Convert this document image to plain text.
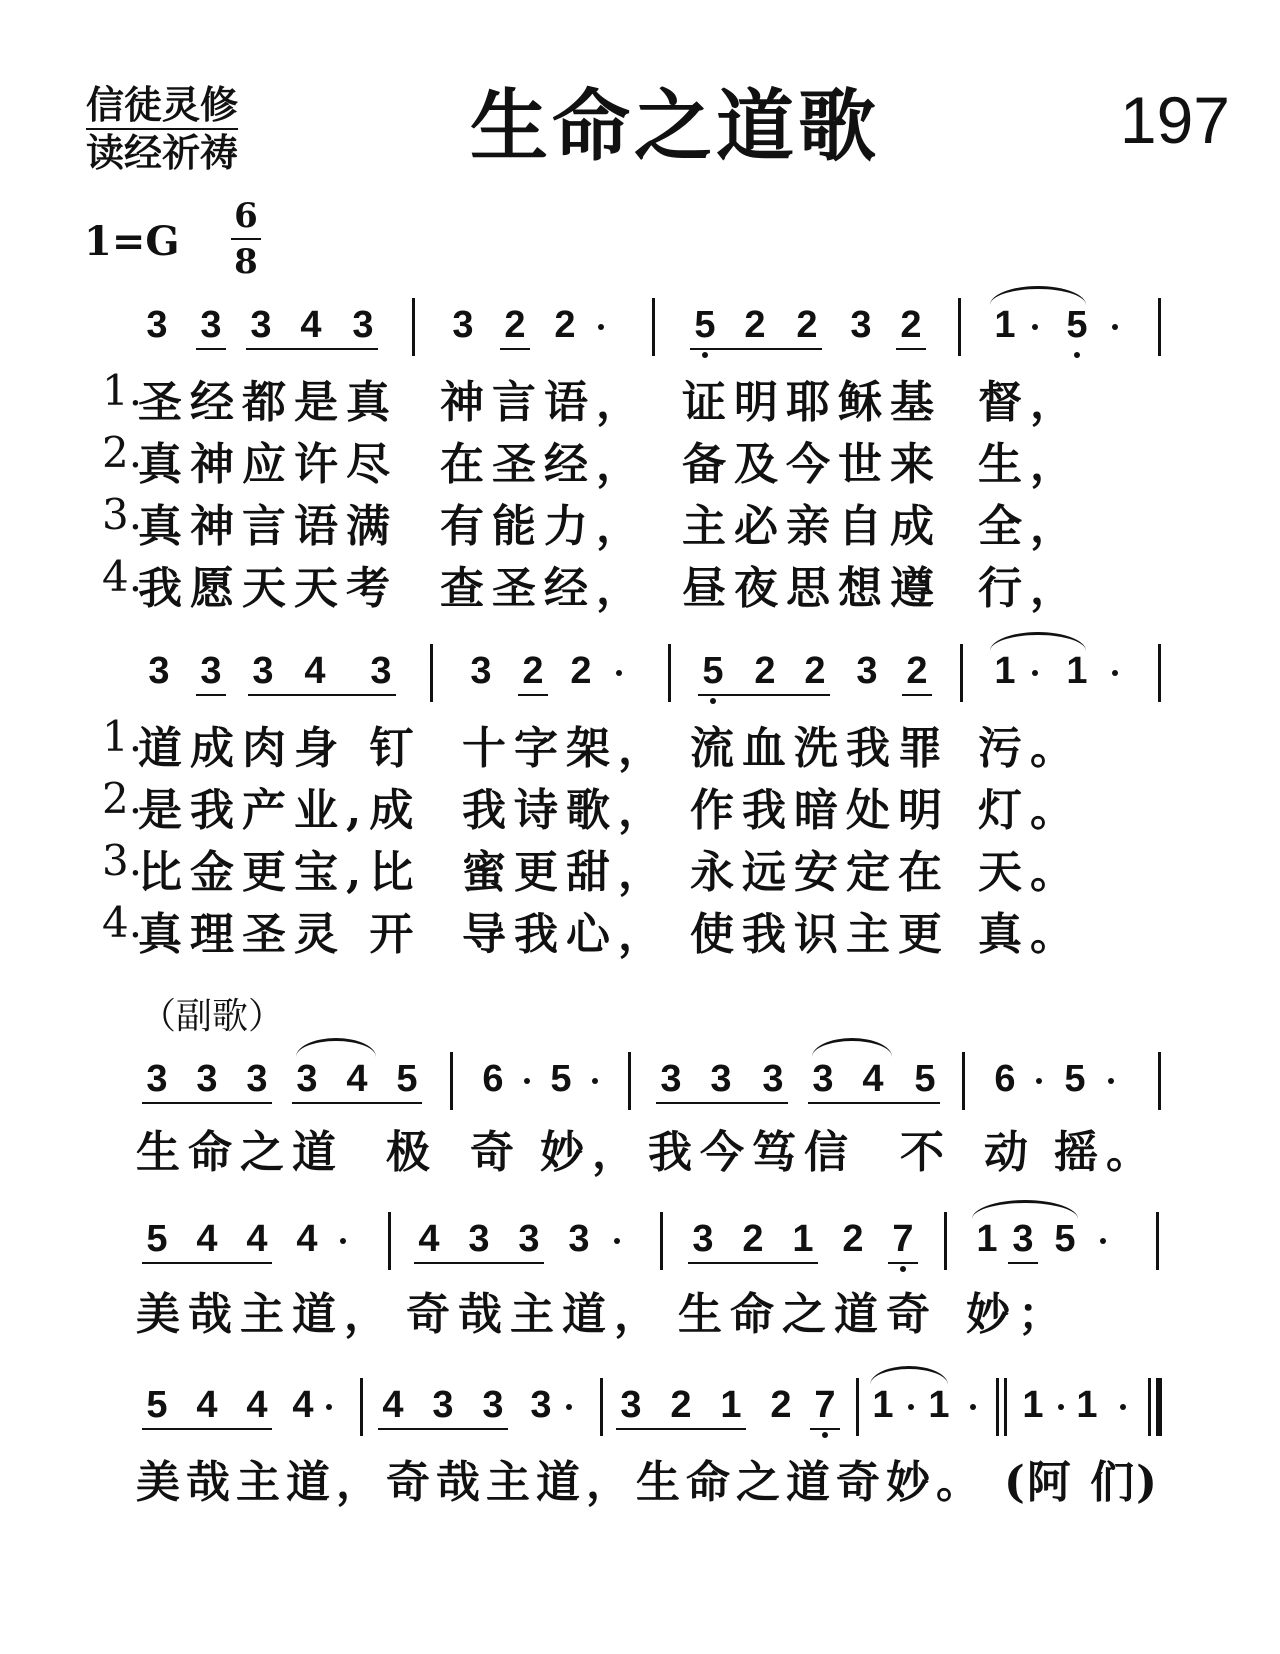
信徒灵修
读经祈祷	生命之道歌	197
1=G
6
8
3 3 3 4 3 3 2 2	5 2 2 3 2 1 5
1.
圣经都是真 神言语， 证明耶稣基 督，
2.
真神应许尽 在圣经， 备及今世来 生，
3.
真神言语满 有能力， 主必亲自成 全，
4.
我愿天天考 查圣经， 昼夜思想遵 行，
3 3 3 4 3 3 2 2	5 2 2 3 2 1 1
1.
道成肉身 钉 十字架， 流血洗我罪 污。
2.
是我产业,成 我诗歌， 作我暗处明 灯。
3.
比金更宝,比 蜜更甜， 永远安定在 天。
4.
真理圣灵 开 导我心， 使我识主更 真。
（副歌）
3 3 3 3 4 5 6 5 3 3 3 3 4 5 6 5
生命之道 极 奇 妙， 我今笃信 不 动 摇。
5 4 4 4	4 3 3 3	3 2 1 2 7 1 3 5
美哉主道， 奇哉主道， 生命之道奇 妙；
5 4 4 4 4 3 3 3 3 2 1 2 7 1 1 1 1
美哉主道，奇哉主道，生命之道奇妙。 (阿 们)
